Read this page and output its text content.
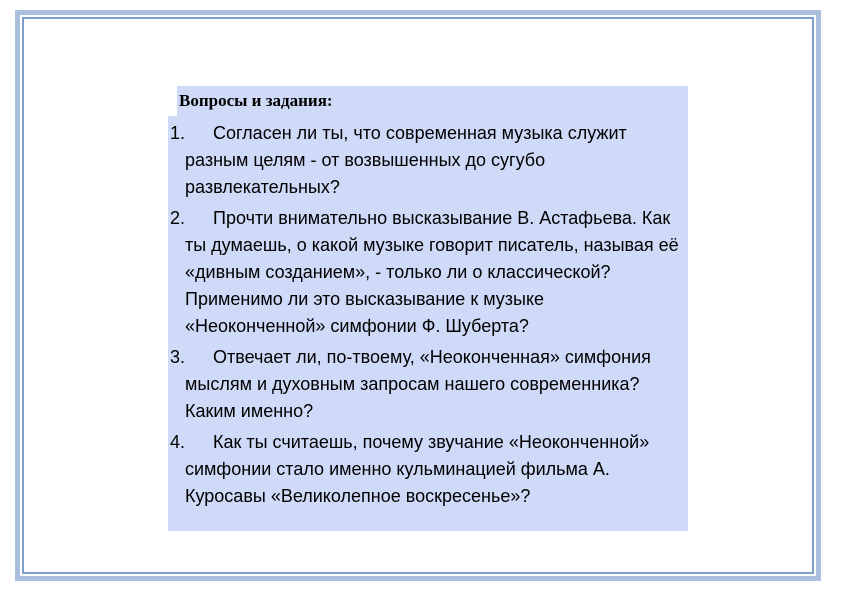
Вопросы и задания:
1.	Согласен ли ты, что современная музыка служит разным целям - от возвышенных до сугубо развлекательных?
2.	Прочти внимательно высказывание В. Астафьева. Как ты думаешь, о какой музыке говорит писатель, называя её «дивным созданием», - только ли о классической? Применимо ли это высказывание к музыке «Неоконченной» симфонии Ф. Шуберта?
3.	Отвечает ли, по-твоему, «Неоконченная» симфония мыслям и духовным запросам нашего современника? Каким именно?
4.	Как ты считаешь, почему звучание «Неоконченной» симфонии стало именно кульминацией фильма А. Куросавы «Великолепное воскресенье»?
